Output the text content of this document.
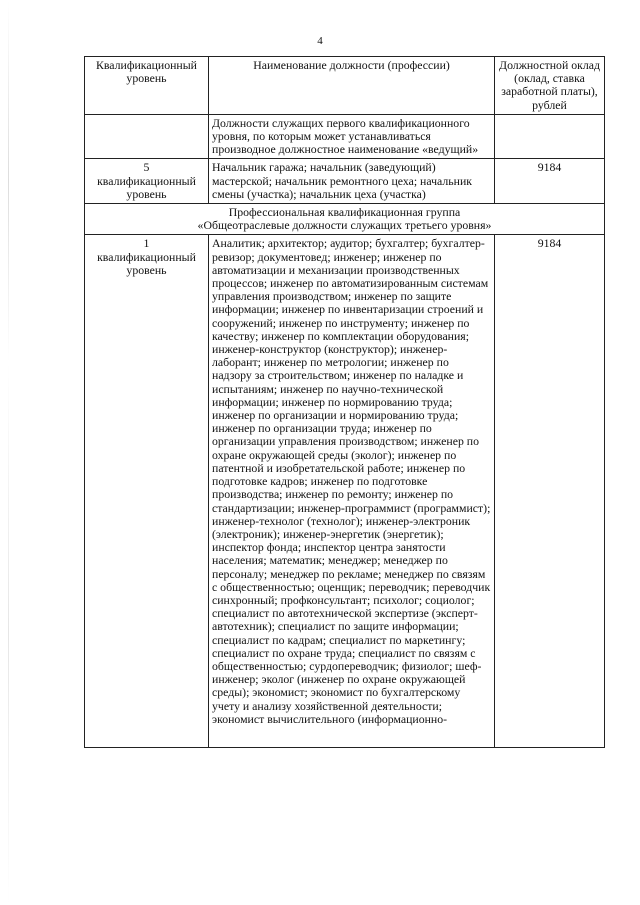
4
Квалификационный уровень	Наименование должности (профессии)	Должностной оклад (оклад, ставка заработной платы), рублей
	Должности служащих первого квалификационного уровня, по которым может устанавливаться производное должностное наименование «ведущий»	

5
квалификационный уровень	Начальник гаража; начальник (заведующий) мастерской; начальник ремонтного цеха; начальник смены (участка); начальник цеха (участка)	9184

Профессиональная квалификационная группа
«Общеотраслевые должности служащих третьего уровня»		

1
квалификационный уровень	Аналитик; архитектор; аудитор; бухгалтер; бухгалтер-ревизор; документовед; инженер; инженер по автоматизации и механизации производственных процессов; инженер по автоматизированным системам управления производством; инженер по защите информации; инженер по инвентаризации строений и сооружений; инженер по инструменту; инженер по качеству; инженер по комплектации оборудования; инженер-конструктор (конструктор); инженер-лаборант; инженер по метрологии; инженер по надзору за строительством; инженер по наладке и испытаниям; инженер по научно-технической информации; инженер по нормированию труда; инженер по организации и нормированию труда; инженер по организации труда; инженер по организации управления производством; инженер по охране окружающей среды (эколог); инженер по патентной и изобретательской работе; инженер по подготовке кадров; инженер по подготовке производства; инженер по ремонту; инженер по стандартизации; инженер-программист (программист); инженер-технолог (технолог); инженер-электроник (электроник); инженер-энергетик (энергетик); инспектор фонда; инспектор центра занятости населения; математик; менеджер; менеджер по персоналу; менеджер по рекламе; менеджер по связям с общественностью; оценщик; переводчик; переводчик синхронный; профконсультант; психолог; социолог; специалист по автотехнической экспертизе (эксперт-автотехник); специалист по защите информации; специалист по кадрам; специалист по маркетингу; специалист по охране труда; специалист по связям с общественностью; сурдопереводчик; физиолог; шеф-инженер; эколог (инженер по охране окружающей среды); экономист; экономист по бухгалтерскому учету и анализу хозяйственной деятельности; экономист вычислительного (информационно-	9184
